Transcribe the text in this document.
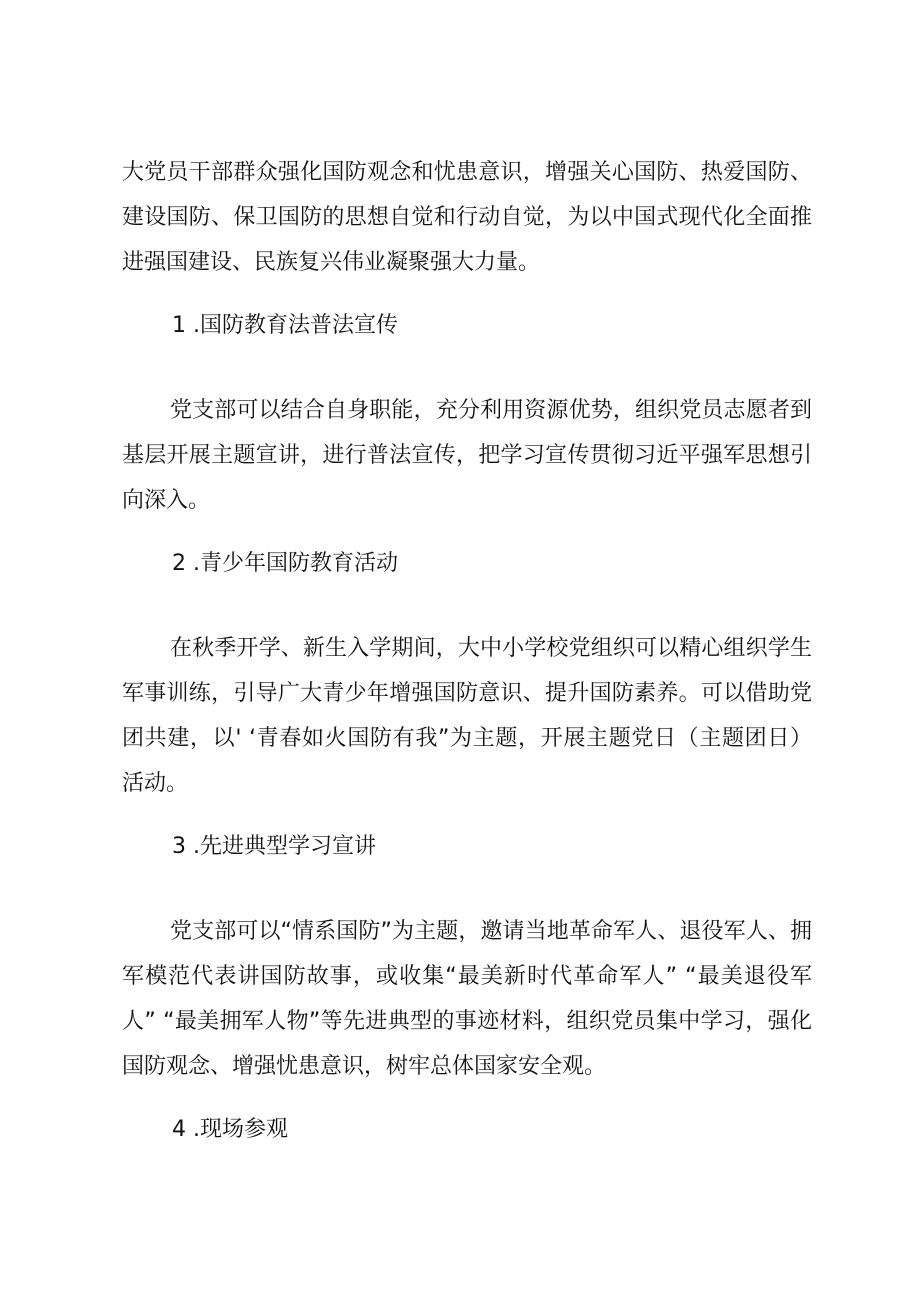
大党员干部群众强化国防观念和忧患意识，增强关心国防、热爱国防、建设国防、保卫国防的思想自觉和行动自觉，为以中国式现代化全面推进强国建设、民族复兴伟业凝聚强大力量。

1 .国防教育法普法宣传

党支部可以结合自身职能，充分利用资源优势，组织党员志愿者到基层开展主题宣讲，进行普法宣传，把学习宣传贯彻习近平强军思想引向深入。

2 .青少年国防教育活动

在秋季开学、新生入学期间，大中小学校党组织可以精心组织学生军事训练，引导广大青少年增强国防意识、提升国防素养。可以借助党团共建，以' ‘青春如火国防有我”为主题，开展主题党日（主题团日）活动。

3 .先进典型学习宣讲

党支部可以“情系国防”为主题，邀请当地革命军人、退役军人、拥军模范代表讲国防故事，或收集“最美新时代革命军人” “最美退役军人” “最美拥军人物”等先进典型的事迹材料，组织党员集中学习，强化国防观念、增强忧患意识，树牢总体国家安全观。

4 .现场参观
